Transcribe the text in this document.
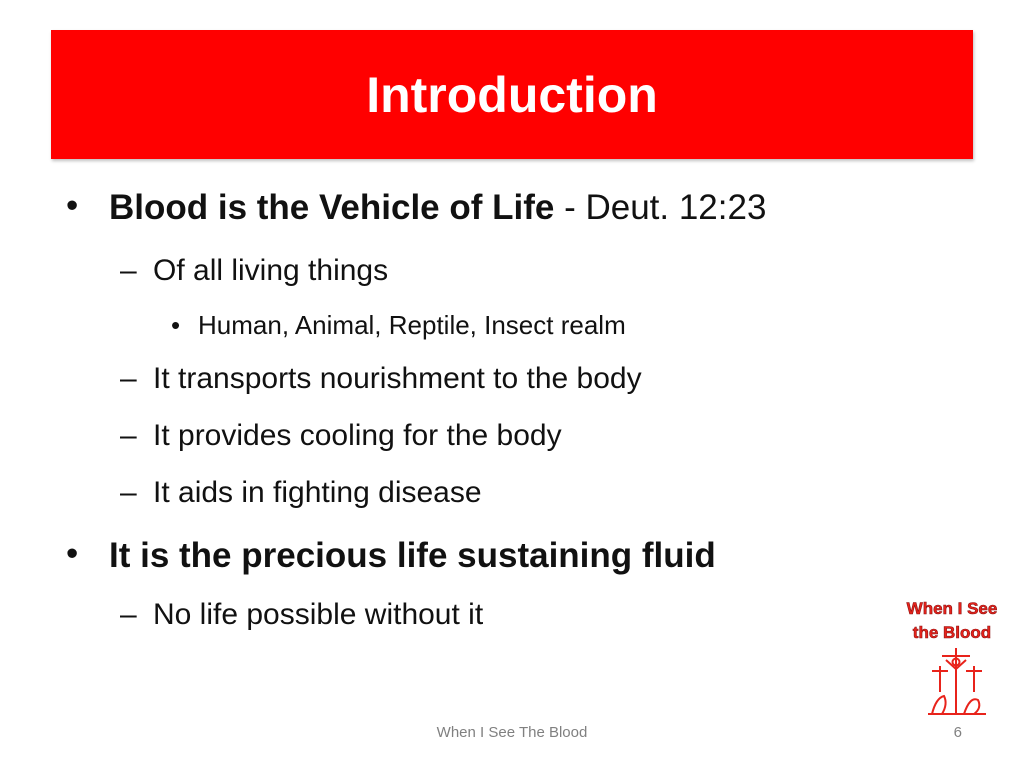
Introduction
• Blood is the Vehicle of Life - Deut. 12:23
– Of all living things
• Human, Animal, Reptile, Insect realm
– It transports nourishment to the body
– It provides cooling for the body
– It aids in fighting disease
• It is the precious life sustaining fluid
– No life possible without it	When I See
the Blood
When I See The Blood	6
